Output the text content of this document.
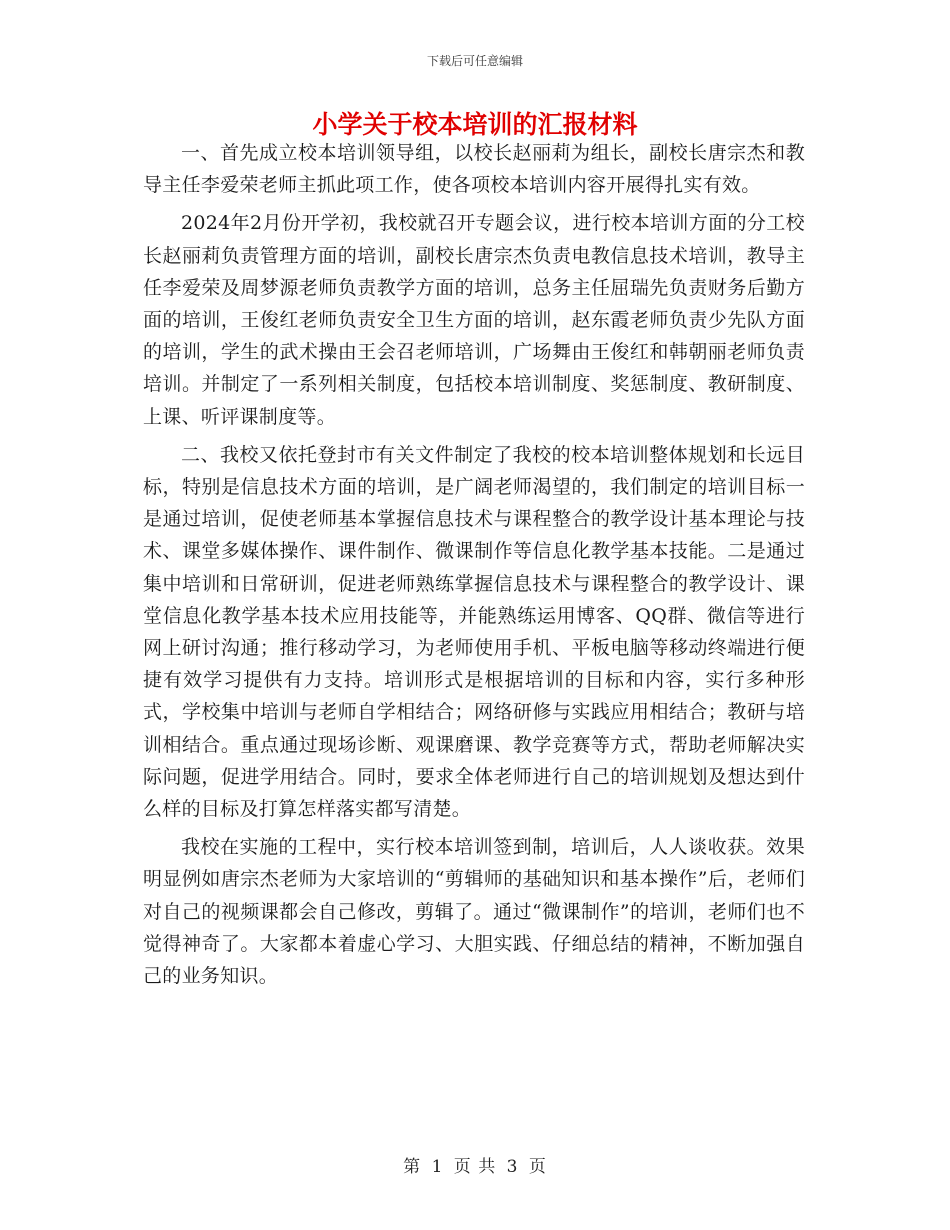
下载后可任意编辑
小学关于校本培训的汇报材料

一、首先成立校本培训领导组，以校长赵丽莉为组长，副校长唐宗杰和教导主任李爱荣老师主抓此项工作，使各项校本培训内容开展得扎实有效。

2024年2月份开学初，我校就召开专题会议，进行校本培训方面的分工校长赵丽莉负责管理方面的培训，副校长唐宗杰负责电教信息技术培训，教导主任李爱荣及周梦源老师负责教学方面的培训，总务主任屈瑞先负责财务后勤方面的培训，王俊红老师负责安全卫生方面的培训，赵东霞老师负责少先队方面的培训，学生的武术操由王会召老师培训，广场舞由王俊红和韩朝丽老师负责培训。并制定了一系列相关制度，包括校本培训制度、奖惩制度、教研制度、上课、听评课制度等。

二、我校又依托登封市有关文件制定了我校的校本培训整体规划和长远目标，特别是信息技术方面的培训，是广阔老师渴望的，我们制定的培训目标一是通过培训，促使老师基本掌握信息技术与课程整合的教学设计基本理论与技术、课堂多媒体操作、课件制作、微课制作等信息化教学基本技能。二是通过集中培训和日常研训，促进老师熟练掌握信息技术与课程整合的教学设计、课堂信息化教学基本技术应用技能等，并能熟练运用博客、QQ群、微信等进行网上研讨沟通；推行移动学习，为老师使用手机、平板电脑等移动终端进行便捷有效学习提供有力支持。培训形式是根据培训的目标和内容，实行多种形式，学校集中培训与老师自学相结合；网络研修与实践应用相结合；教研与培训相结合。重点通过现场诊断、观课磨课、教学竞赛等方式，帮助老师解决实际问题，促进学用结合。同时，要求全体老师进行自己的培训规划及想达到什么样的目标及打算怎样落实都写清楚。

我校在实施的工程中，实行校本培训签到制，培训后，人人谈收获。效果明显例如唐宗杰老师为大家培训的“剪辑师的基础知识和基本操作”后，老师们对自己的视频课都会自己修改，剪辑了。通过“微课制作”的培训，老师们也不觉得神奇了。大家都本着虚心学习、大胆实践、仔细总结的精神，不断加强自己的业务知识。

第 1 页 共 3 页
